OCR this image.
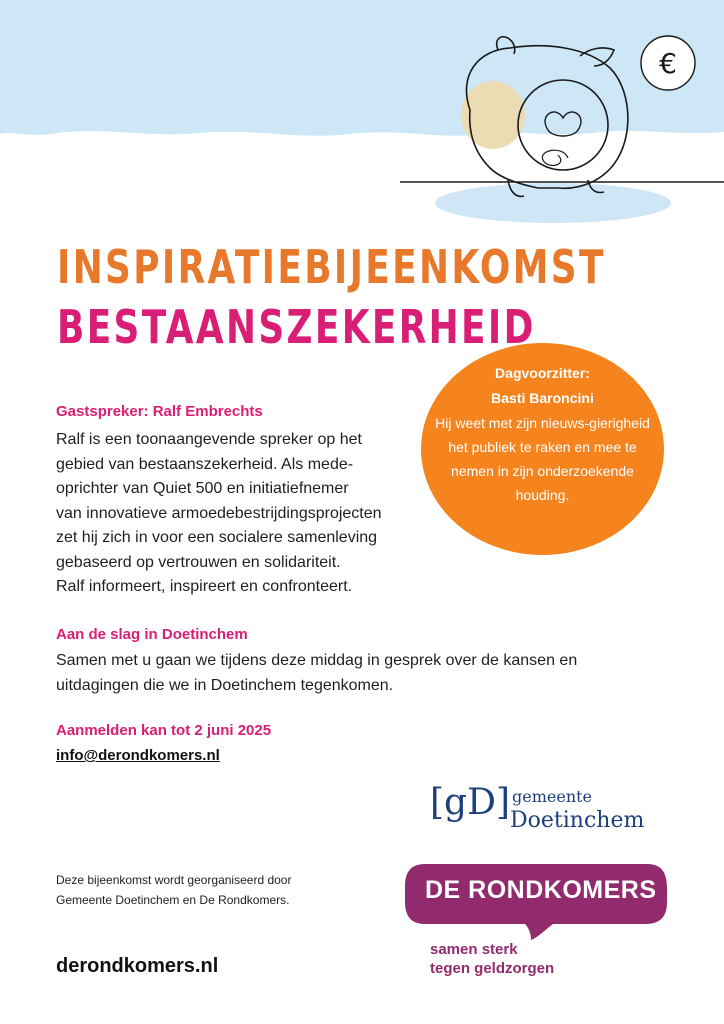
€
INSPIRATIEBIJEENKOMST
BESTAANSZEKERHEID
Dagvoorzitter:
Basti Baroncini
Hij weet met zijn nieuws-gierigheid het publiek te raken en mee te nemen in zijn onderzoekende houding.
Gastspreker: Ralf Embrechts
Ralf is een toonaangevende spreker op het
gebied van bestaanszekerheid. Als mede-
oprichter van Quiet 500 en initiatiefnemer
van innovatieve armoedebestrijdingsprojecten
zet hij zich in voor een socialere samenleving
gebaseerd op vertrouwen en solidariteit.
Ralf informeert, inspireert en confronteert.
Aan de slag in Doetinchem
Samen met u gaan we tijdens deze middag in gesprek over de kansen en
uitdagingen die we in Doetinchem tegenkomen.
Aanmelden kan tot 2 juni 2025
info@derondkomers.nl
[gD] gemeente
Doetinchem
Deze bijeenkomst wordt georganiseerd door
Gemeente Doetinchem en De Rondkomers.	DE RONDKOMERS
samen sterk
tegen geldzorgen
derondkomers.nl
